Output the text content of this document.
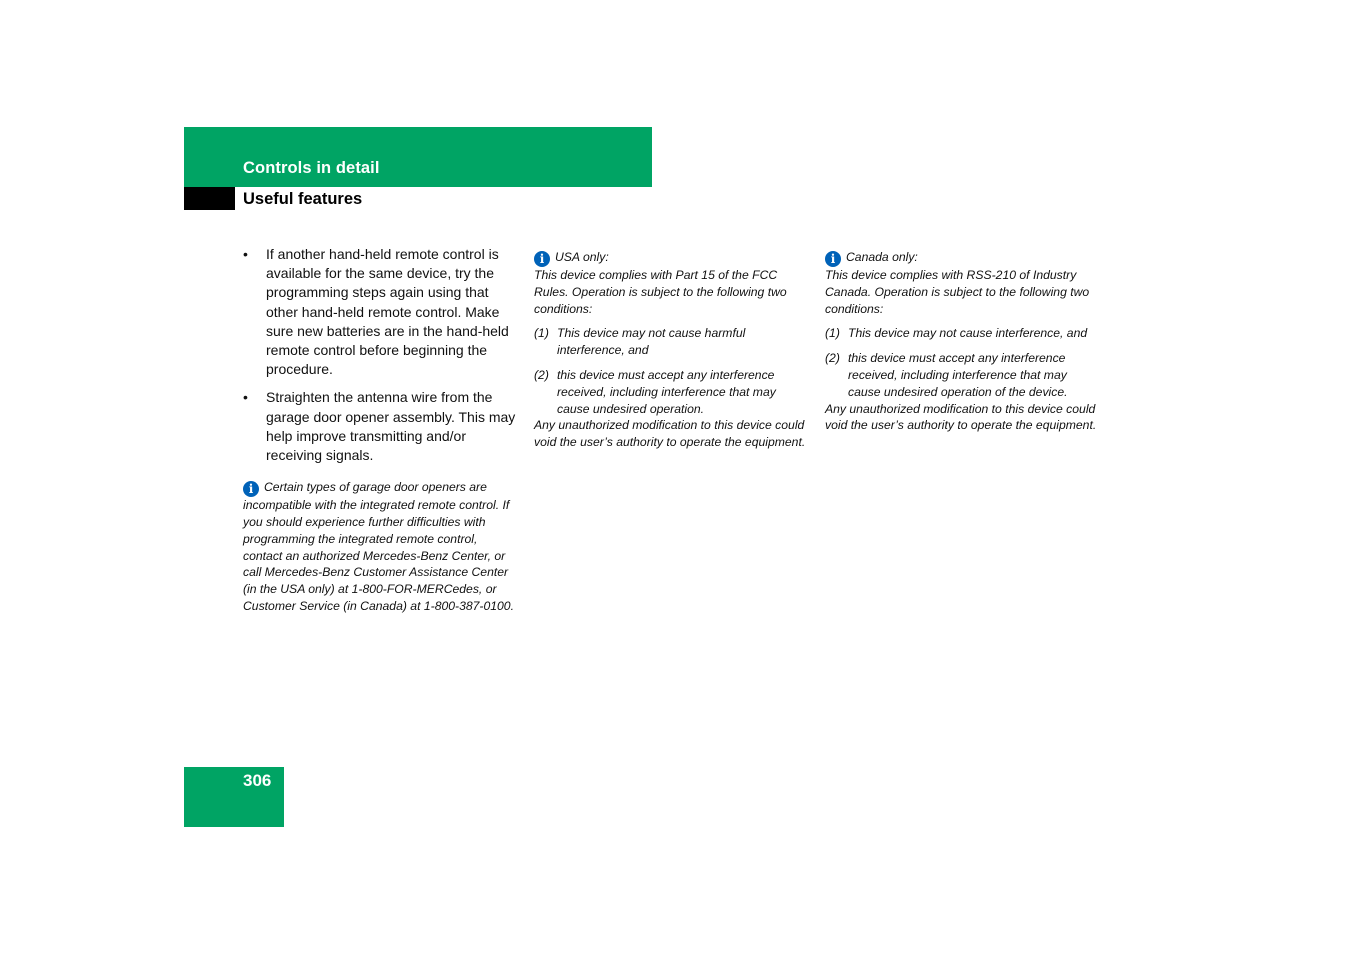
Controls in detail
Useful features
•	If another hand-held remote control is available for the same device, try the programming steps again using that other hand-held remote control. Make sure new batteries are in the hand-held remote control before beginning the procedure.
•	Straighten the antenna wire from the garage door opener assembly. This may help improve transmitting and/or receiving signals.

i Certain types of garage door openers are incompatible with the integrated remote control. If you should experience further difficulties with programming the integrated remote control, contact an authorized Mercedes-Benz Center, or call Mercedes-Benz Customer Assistance Center (in the USA only) at 1-800-FOR-MERCedes, or Customer Service (in Canada) at 1-800-387-0100.

i USA only:

This device complies with Part 15 of the FCC Rules. Operation is subject to the following two conditions:

(1) This device may not cause harmful interference, and
(2) this device must accept any interference received, including interference that may cause undesired operation.

Any unauthorized modification to this device could void the user’s authority to operate the equipment.

i Canada only:

This device complies with RSS-210 of Industry Canada. Operation is subject to the following two conditions:

(1) This device may not cause interference, and
(2) this device must accept any interference received, including interference that may cause undesired operation of the device.

Any unauthorized modification to this device could void the user’s authority to operate the equipment.

306
